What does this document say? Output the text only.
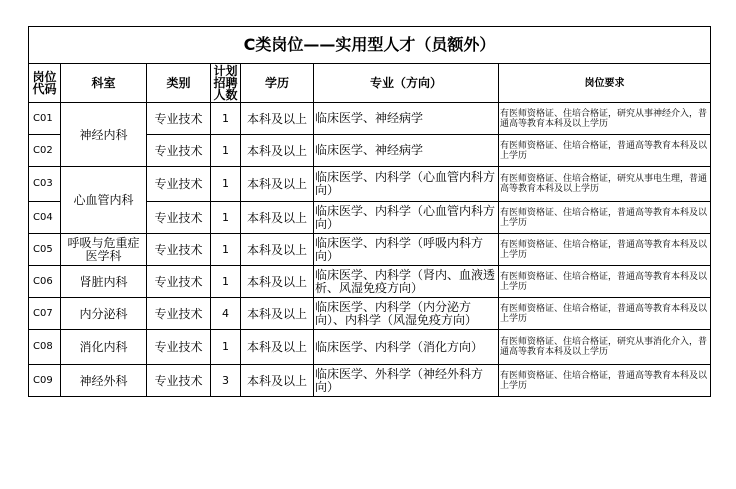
C类岗位——实用型人才（员额外）						
岗位代码	科室	类别	计划招聘人数	学历	专业（方向）	岗位要求
C01	神经内科	专业技术	1	本科及以上	临床医学、神经病学	有医师资格证、住培合格证，研究从事神经介入，普通高等教育本科及以上学历
C02		专业技术	1	本科及以上	临床医学、神经病学	有医师资格证、住培合格证，普通高等教育本科及以上学历
C03	心血管内科	专业技术	1	本科及以上	临床医学、内科学（心血管内科方向）	有医师资格证、住培合格证，研究从事电生理，普通高等教育本科及以上学历
C04		专业技术	1	本科及以上	临床医学、内科学（心血管内科方向）	有医师资格证、住培合格证，普通高等教育本科及以上学历
C05	呼吸与危重症医学科	专业技术	1	本科及以上	临床医学、内科学（呼吸内科方向）	有医师资格证、住培合格证，普通高等教育本科及以上学历
C06	肾脏内科	专业技术	1	本科及以上	临床医学、内科学（肾内、血液透析、风湿免疫方向）	有医师资格证、住培合格证，普通高等教育本科及以上学历
C07	内分泌科	专业技术	4	本科及以上	临床医学、内科学（内分泌方向）、内科学（风湿免疫方向）	有医师资格证、住培合格证，普通高等教育本科及以上学历
C08	消化内科	专业技术	1	本科及以上	临床医学、内科学（消化方向）	有医师资格证、住培合格证，研究从事消化介入，普通高等教育本科及以上学历
C09	神经外科	专业技术	3	本科及以上	临床医学、外科学（神经外科方向）	有医师资格证、住培合格证，普通高等教育本科及以上学历
